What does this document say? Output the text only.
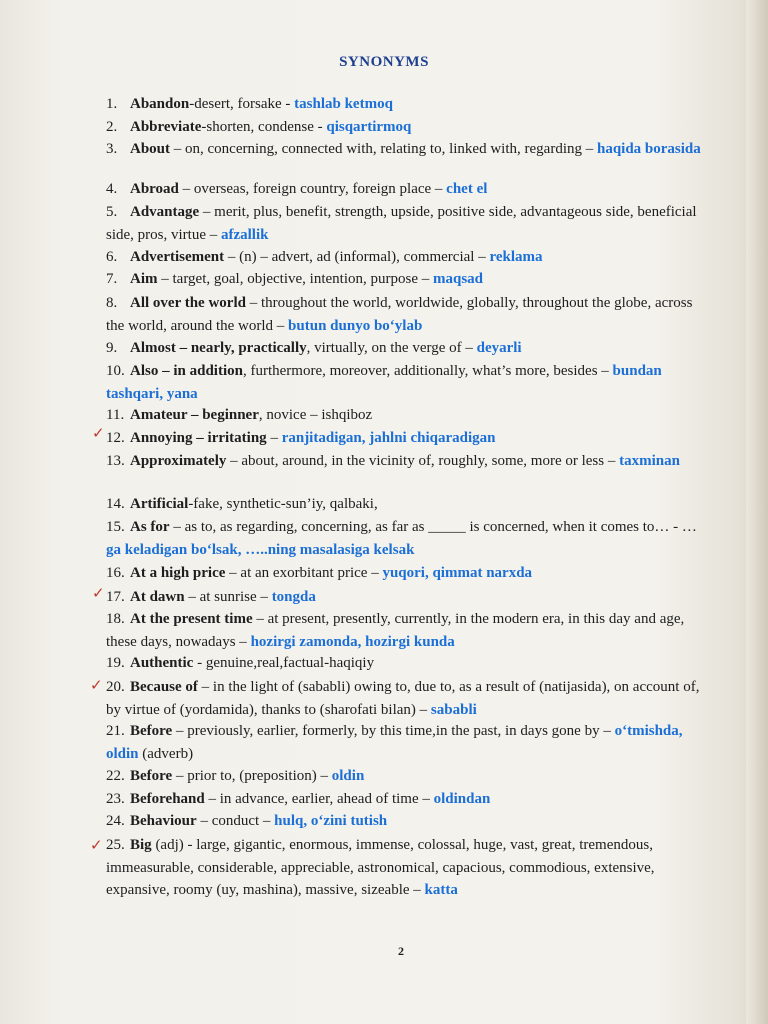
SYNONYMS
1. Abandon-desert, forsake - tashlab ketmoq
2. Abbreviate-shorten, condense - qisqartirmoq
3. About – on, concerning, connected with, relating to, linked with, regarding – haqida borasida
4. Abroad – overseas, foreign country, foreign place – chet el
5. Advantage – merit, plus, benefit, strength, upside, positive side, advantageous side, beneficial side, pros, virtue – afzallik
6. Advertisement – (n) – advert, ad (informal), commercial – reklama
7. Aim – target, goal, objective, intention, purpose – maqsad
8. All over the world – throughout the world, worldwide, globally, throughout the globe, across the world, around the world – butun dunyo bo‘ylab
9. Almost – nearly, practically, virtually, on the verge of – deyarli
10. Also – in addition, furthermore, moreover, additionally, what’s more, besides – bundan tashqari, yana
11. Amateur – beginner, novice – ishqiboz
12. Annoying – irritating – ranjitadigan, jahlni chiqaradigan
13. Approximately – about, around, in the vicinity of, roughly, some, more or less – taxminan
14. Artificial-fake, synthetic-sun’iy, qalbaki,
15. As for – as to, as regarding, concerning, as far as _____ is concerned, when it comes to… - … ga keladigan bo‘lsak, …..ning masalasiga kelsak
16. At a high price – at an exorbitant price – yuqori, qimmat narxda
17. At dawn – at sunrise – tongda
18. At the present time – at present, presently, currently, in the modern era, in this day and age, these days, nowadays – hozirgi zamonda, hozirgi kunda
19. Authentic - genuine,real,factual-haqiqiy
20. Because of – in the light of (sababli) owing to, due to, as a result of (natijasida), on account of, by virtue of (yordamida), thanks to (sharofati bilan) – sababli
21. Before – previously, earlier, formerly, by this time,in the past, in days gone by – o‘tmishda, oldin (adverb)
22. Before – prior to, (preposition) – oldin
23. Beforehand – in advance, earlier, ahead of time – oldindan
24. Behaviour – conduct – hulq, o‘zini tutish
25. Big (adj) - large, gigantic, enormous, immense, colossal, huge, vast, great, tremendous, immeasurable, considerable, appreciable, astronomical, capacious, commodious, extensive, expansive, roomy (uy, mashina), massive, sizeable – katta
✓
✓
✓
✓
2
